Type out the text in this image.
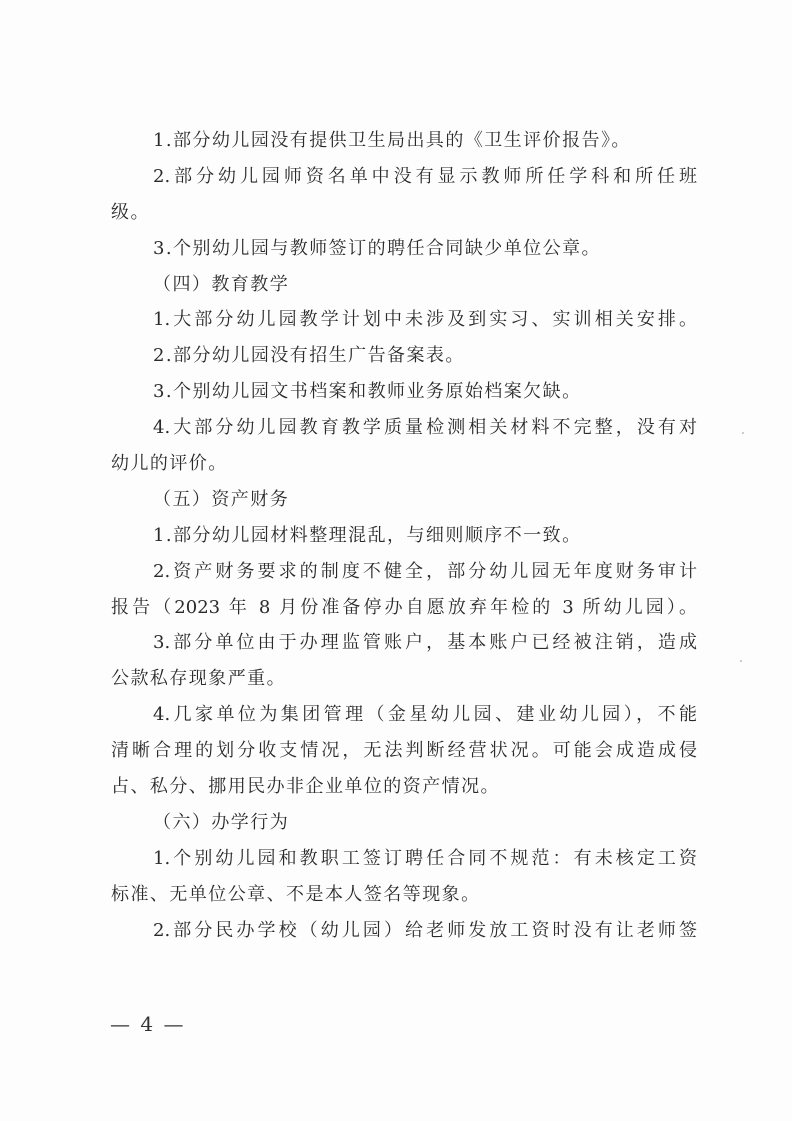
1.部分幼儿园没有提供卫生局出具的《卫生评价报告》。
2.部分幼儿园师资名单中没有显示教师所任学科和所任班
级。
3.个别幼儿园与教师签订的聘任合同缺少单位公章。
（四）教育教学
1.大部分幼儿园教学计划中未涉及到实习、实训相关安排。
2.部分幼儿园没有招生广告备案表。
3.个别幼儿园文书档案和教师业务原始档案欠缺。
4.大部分幼儿园教育教学质量检测相关材料不完整，没有对
幼儿的评价。
（五）资产财务
1.部分幼儿园材料整理混乱，与细则顺序不一致。
2.资产财务要求的制度不健全，部分幼儿园无年度财务审计
报告（2023 年 8 月份准备停办自愿放弃年检的 3 所幼儿园）。
3.部分单位由于办理监管账户，基本账户已经被注销，造成
公款私存现象严重。
4.几家单位为集团管理（金星幼儿园、建业幼儿园），不能
清晰合理的划分收支情况，无法判断经营状况。可能会成造成侵
占、私分、挪用民办非企业单位的资产情况。
（六）办学行为
1.个别幼儿园和教职工签订聘任合同不规范：有未核定工资
标准、无单位公章、不是本人签名等现象。
2.部分民办学校（幼儿园）给老师发放工资时没有让老师签
— 4 —
